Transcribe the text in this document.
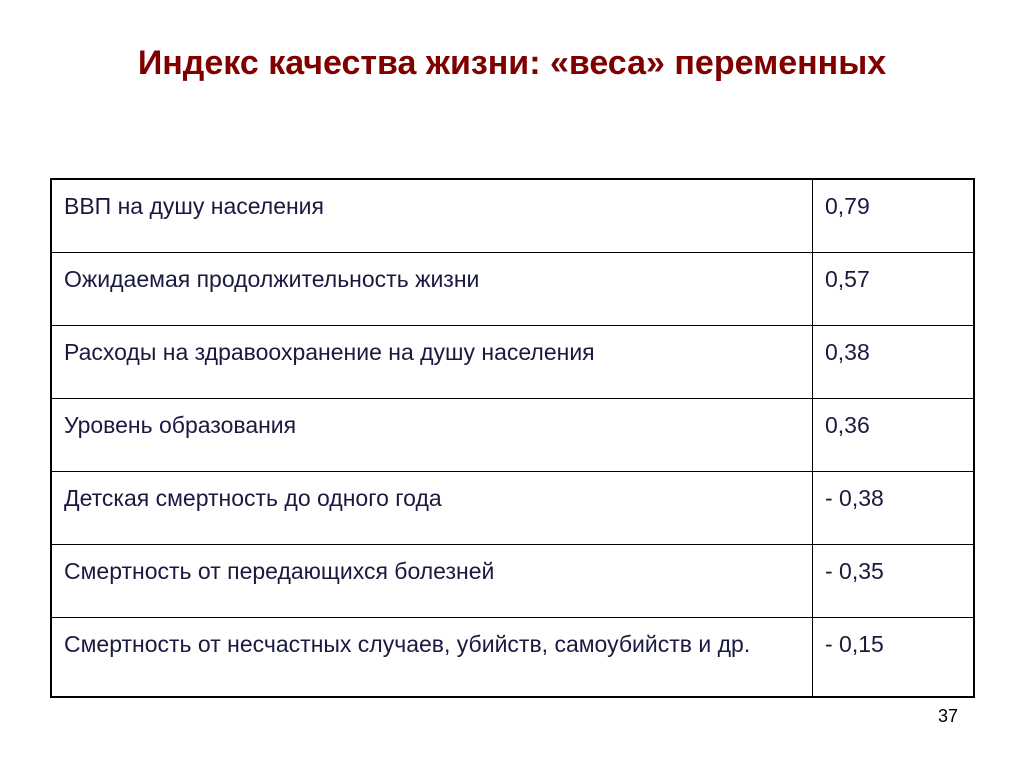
Индекс качества жизни: «веса» переменных
ВВП на душу населения	0,79
Ожидаемая продолжительность жизни	0,57
Расходы на здравоохранение на душу населения	0,38
Уровень образования	0,36
Детская смертность до одного года	- 0,38
Смертность от передающихся болезней	- 0,35
Смертность от несчастных случаев, убийств, самоубийств и др.	- 0,15
37
